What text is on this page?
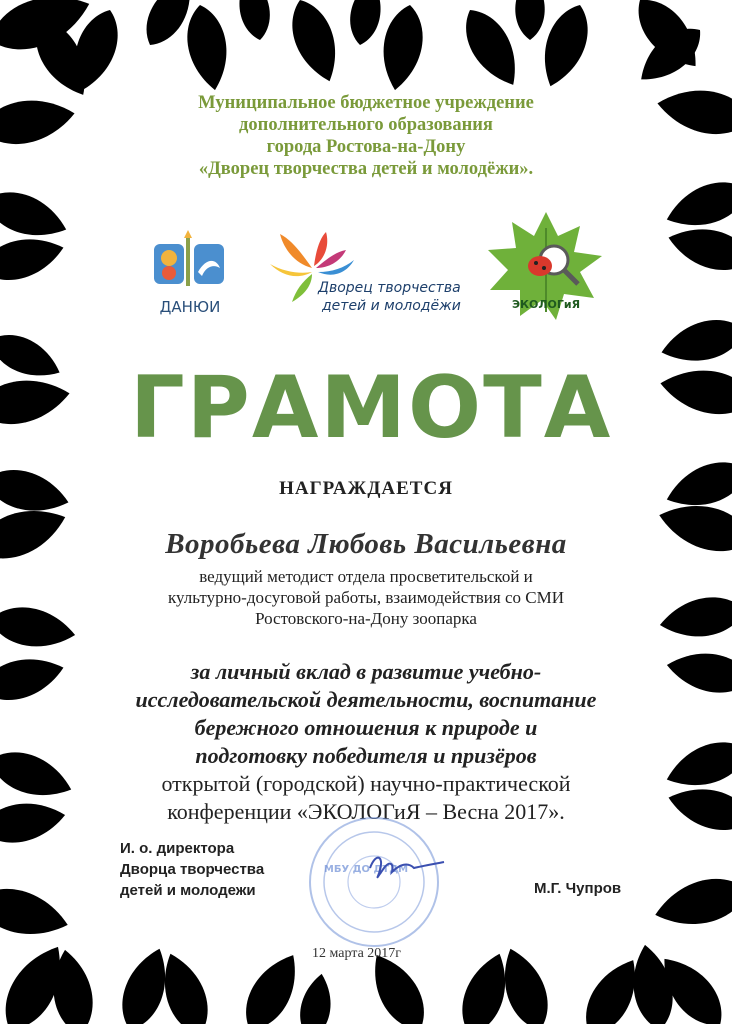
Муниципальное бюджетное учреждение
дополнительного образования
города Ростова-на-Дону
«Дворец творчества детей и молодёжи».
ДАНЮИ
Дворец творчества
детей и молодёжи	ЭКОЛОГиЯ
ГРАМОТА
НАГРАЖДАЕТСЯ
Воробьева Любовь Васильевна
ведущий методист отдела просветительской и
культурно-досуговой работы, взаимодействия со СМИ
Ростовского-на-Дону зоопарка
за личный вклад в развитие учебно-
исследовательской деятельности, воспитание
бережного отношения к природе и
подготовку победителя и призёров
открытой (городской) научно-практической
конференции «ЭКОЛОГиЯ – Весна 2017».
МБУ ДО ДТДМ
И. о. директора
Дворца творчества
детей и молодежи	М.Г. Чупров
12 марта 2017г
